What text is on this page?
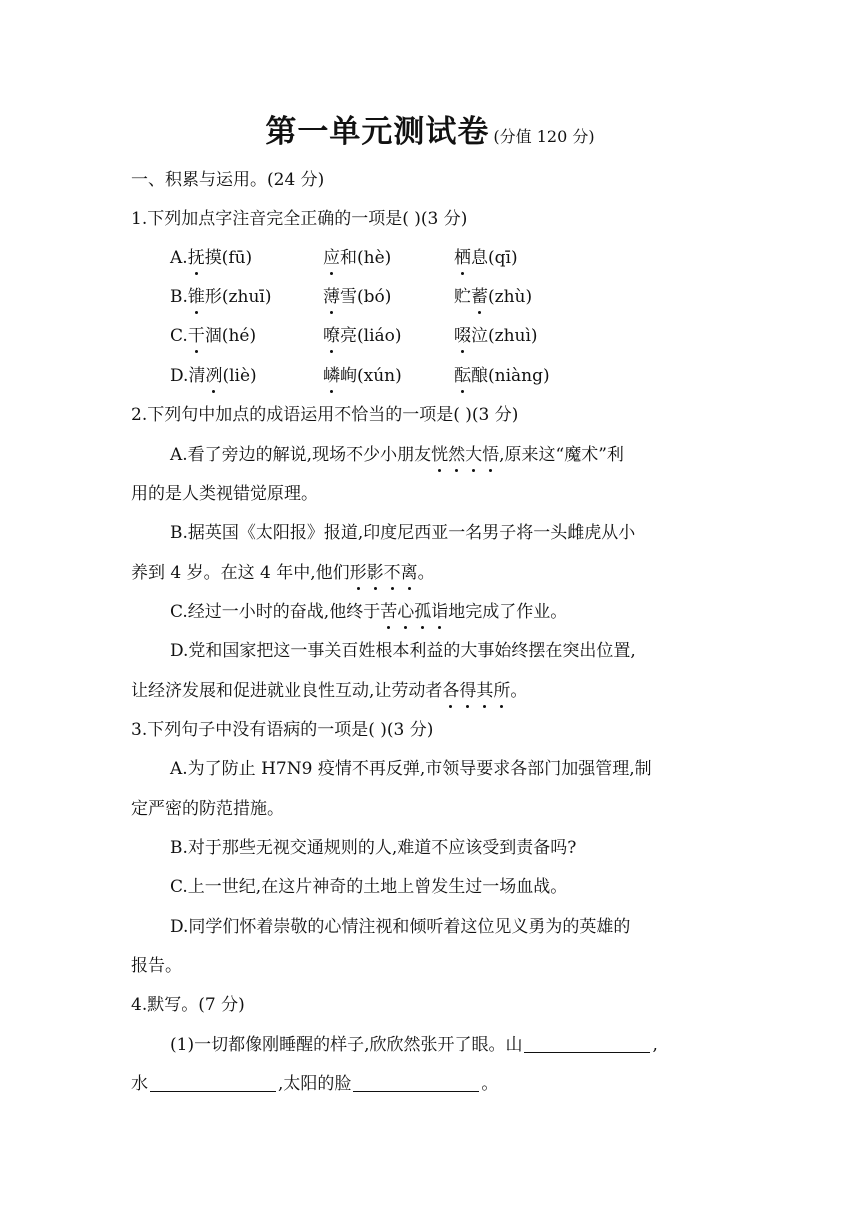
第一单元测试卷 (分值 120 分)
一、积累与运用。(24 分)
1.下列加点字注音完全正确的一项是( )(3 分)
A.抚摸(fū)	应和(hè)	栖息(qī)
B.锥形(zhuī)	薄雪(bó)	贮蓄(zhù)
C.干涸(hé)	嘹亮(liáo)	啜泣(zhuì)
D.清冽(liè)	嶙峋(xún)	酝酿(niàng)
2.下列句中加点的成语运用不恰当的一项是( )(3 分)
A.看了旁边的解说,现场不少小朋友恍然大悟,原来这“魔术”利
用的是人类视错觉原理。
B.据英国《太阳报》报道,印度尼西亚一名男子将一头雌虎从小
养到 4 岁。在这 4 年中,他们形影不离。
C.经过一小时的奋战,他终于苦心孤诣地完成了作业。
D.党和国家把这一事关百姓根本利益的大事始终摆在突出位置,
让经济发展和促进就业良性互动,让劳动者各得其所。
3.下列句子中没有语病的一项是( )(3 分)
A.为了防止 H7N9 疫情不再反弹,市领导要求各部门加强管理,制
定严密的防范措施。
B.对于那些无视交通规则的人,难道不应该受到责备吗?
C.上一世纪,在这片神奇的土地上曾发生过一场血战。
D.同学们怀着崇敬的心情注视和倾听着这位见义勇为的英雄的
报告。
4.默写。(7 分)
(1)一切都像刚睡醒的样子,欣欣然张开了眼。山	,
水	,太阳的脸	。
